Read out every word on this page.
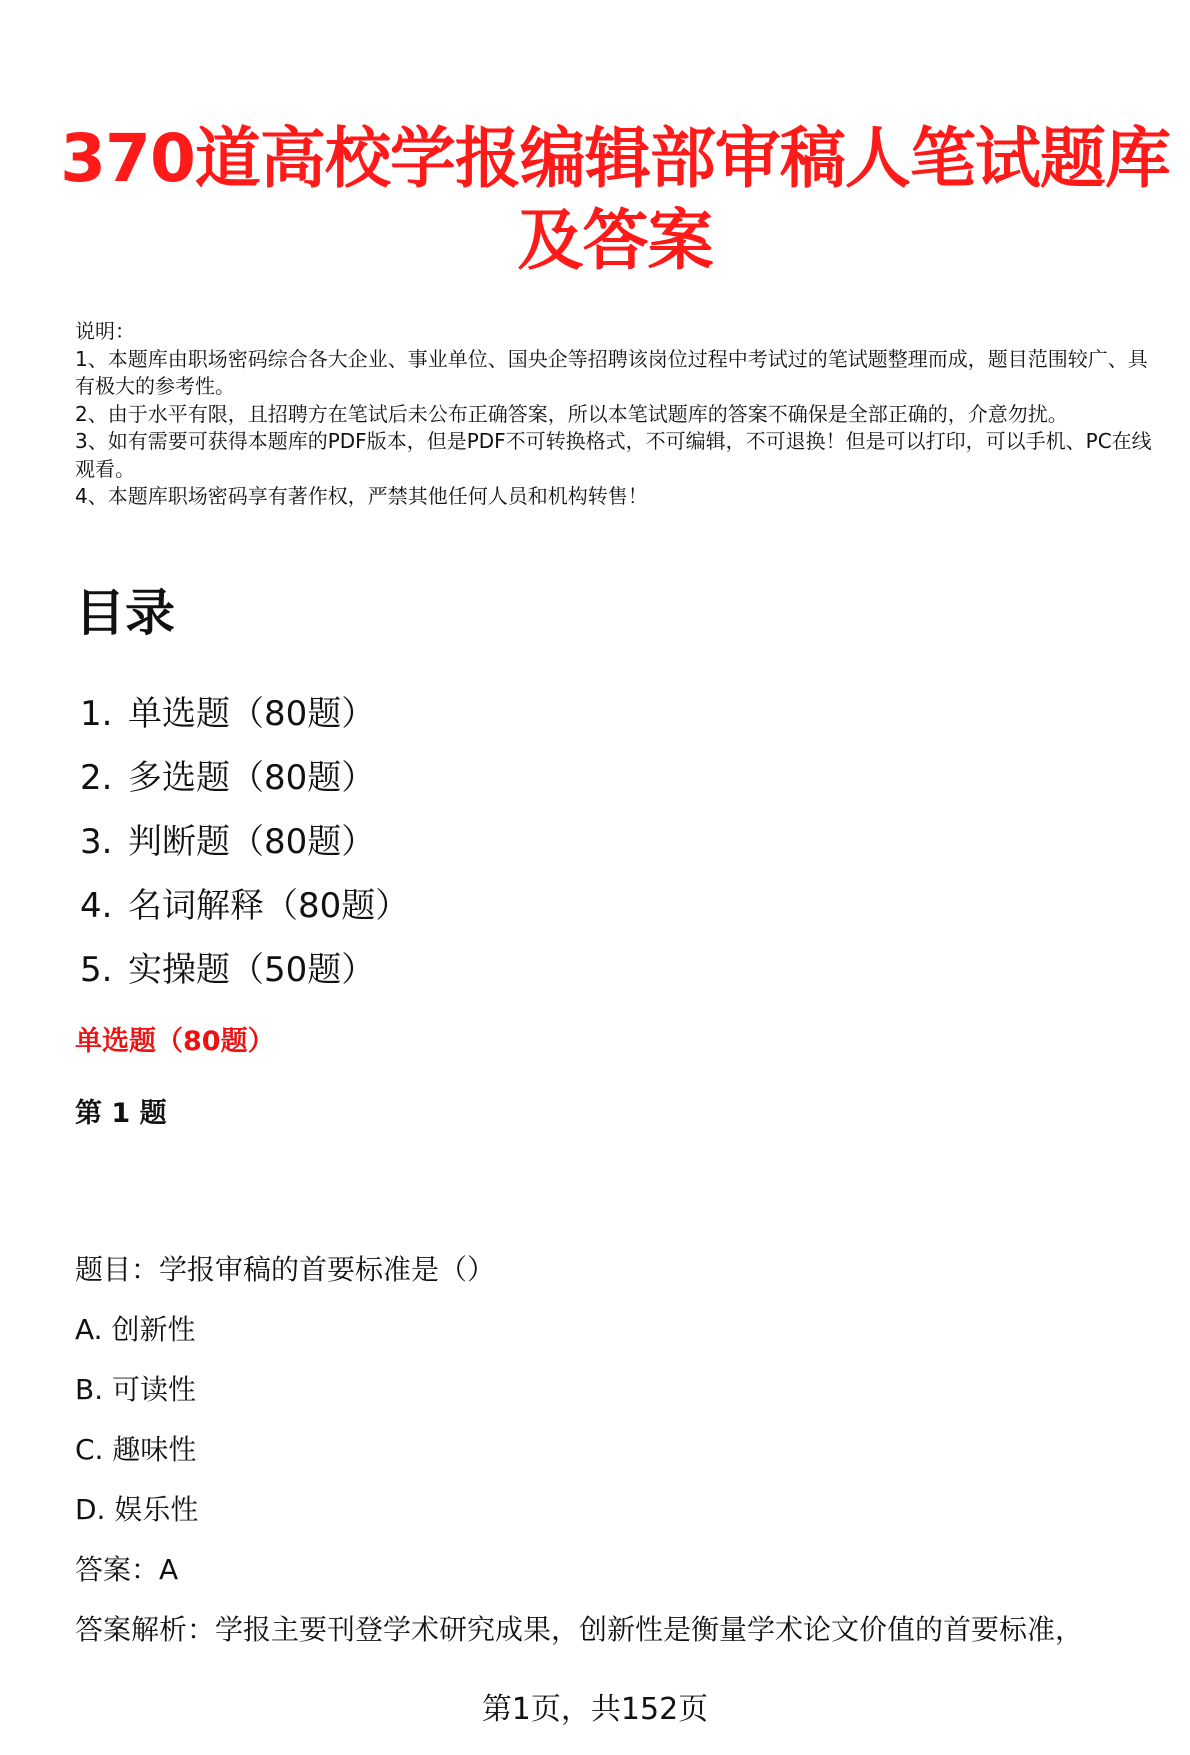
370道高校学报编辑部审稿人笔试题库及答案
说明：
1、本题库由职场密码综合各大企业、事业单位、国央企等招聘该岗位过程中考试过的笔试题整理而成，题目范围较广、具有极大的参考性。
2、由于水平有限，且招聘方在笔试后未公布正确答案，所以本笔试题库的答案不确保是全部正确的，介意勿扰。
3、如有需要可获得本题库的PDF版本，但是PDF不可转换格式，不可编辑，不可退换！但是可以打印，可以手机、PC在线观看。
4、本题库职场密码享有著作权，严禁其他任何人员和机构转售！
目录
1. 单选题（80题）
2. 多选题（80题）
3. 判断题（80题）
4. 名词解释（80题）
5. 实操题（50题）
单选题（80题）
第 1 题
题目：学报审稿的首要标准是（）
A. 创新性
B. 可读性
C. 趣味性
D. 娱乐性
答案：A
答案解析：学报主要刊登学术研究成果，创新性是衡量学术论文价值的首要标准，
第1页，共152页
